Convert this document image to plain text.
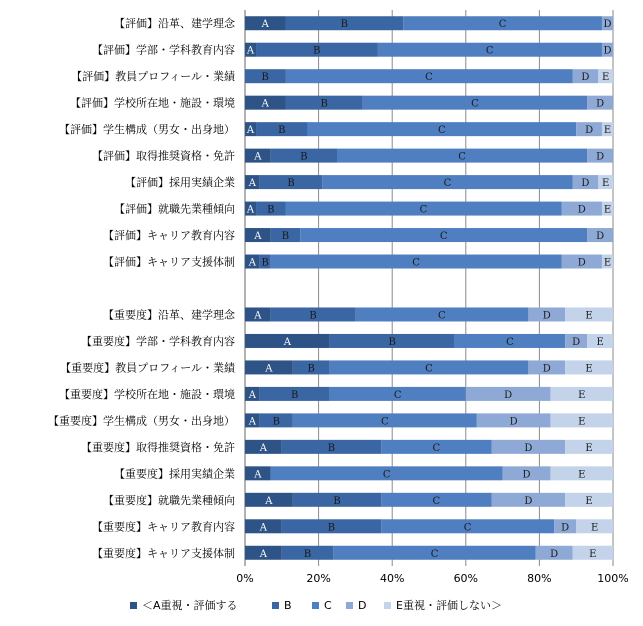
A	B	C	D
A	B	C	D
B	C	D E
A	B	C	D
A B	C	D E
A	B	C	D
A	B	C	D E
A B	C	D E
A B	C	D
A B	C	D E
A	B	C	D	E
A	B	C	D E
A	B	C	D	E
A	B	C	D	E
A B	C	D	E
A	B	C	D	E
A	C	D	E
A	B	C	D	E
A	B	C	D E
A	B	C	D	E
【評価】沿革、建学理念
【評価】学部・学科教育内容
【評価】教員プロフィール・業績
【評価】学校所在地・施設・環境
【評価】学生構成（男女・出身地）
【評価】取得推奨資格・免許
【評価】採用実績企業
【評価】就職先業種傾向
【評価】キャリア教育内容
【評価】キャリア支援体制
【重要度】沿革、建学理念
【重要度】学部・学科教育内容
【重要度】教員プロフィール・業績
【重要度】学校所在地・施設・環境
【重要度】学生構成（男女・出身地）
【重要度】取得推奨資格・免許
【重要度】採用実績企業
【重要度】就職先業種傾向
【重要度】キャリア教育内容
【重要度】キャリア支援体制
0%	20%	40%	60%	80%	100%
＜A重視・評価する	B	C D	E重視・評価しない＞
